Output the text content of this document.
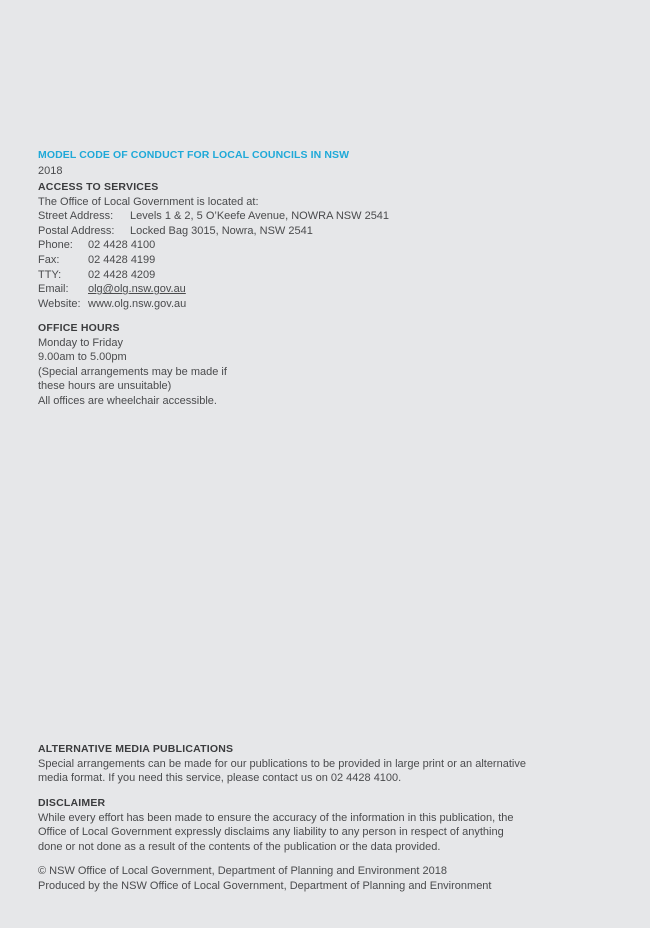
MODEL CODE OF CONDUCT FOR LOCAL COUNCILS IN NSW
2018
ACCESS TO SERVICES
The Office of Local Government is located at:
Street Address: Levels 1 & 2, 5 O’Keefe Avenue, NOWRA NSW 2541
Postal Address: Locked Bag 3015, Nowra, NSW 2541
Phone: 02 4428 4100
Fax:	02 4428 4199
TTY: 02 4428 4209
Email: olg@olg.nsw.gov.au
Website: www.olg.nsw.gov.au
OFFICE HOURS
Monday to Friday
9.00am to 5.00pm
(Special arrangements may be made if
these hours are unsuitable)
All offices are wheelchair accessible.
ALTERNATIVE MEDIA PUBLICATIONS
Special arrangements can be made for our publications to be provided in large print or an alternative
media format. If you need this service, please contact us on 02 4428 4100.
DISCLAIMER
While every effort has been made to ensure the accuracy of the information in this publication, the
Office of Local Government expressly disclaims any liability to any person in respect of anything
done or not done as a result of the contents of the publication or the data provided.
© NSW Office of Local Government, Department of Planning and Environment 2018
Produced by the NSW Office of Local Government, Department of Planning and Environment
